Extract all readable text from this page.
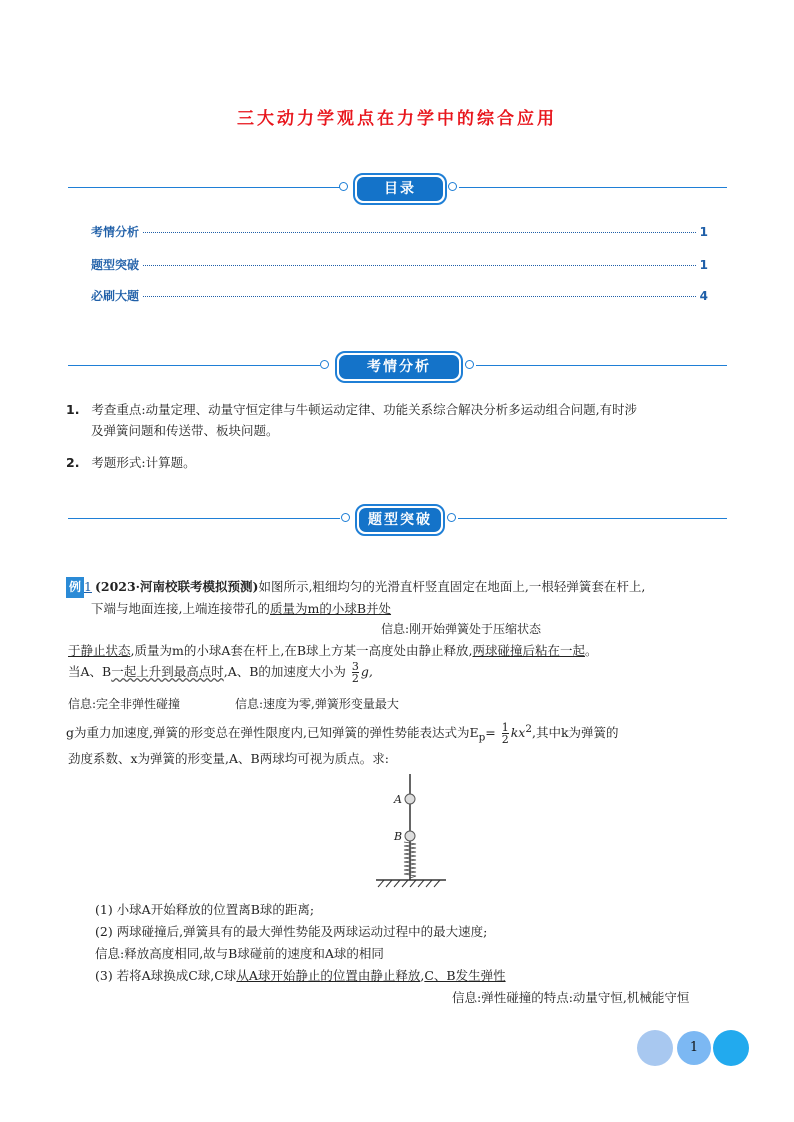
三大动力学观点在力学中的综合应用
目录
考情分析	1
题型突破	1
必刷大题	4
考情分析
1. 考查重点:动量定理、动量守恒定律与牛顿运动定律、功能关系综合解决分析多运动组合问题,有时涉
及弹簧问题和传送带、板块问题。
2. 考题形式:计算题。
题型突破
例 1 (2023·河南校联考模拟预测)如图所示,粗细均匀的光滑直杆竖直固定在地面上,一根轻弹簧套在杆上,
下端与地面连接,上端连接带孔的质量为m的小球B并处
信息:刚开始弹簧处于压缩状态
于静止状态,质量为m的小球A套在杆上,在B球上方某一高度处由静止释放,两球碰撞后粘在一起。
当A、B一起上升到最高点时,A、B的加速度大小为 $\frac{3}{2} g$,
信息:完全非弹性碰撞	信息:速度为零,弹簧形变量最大
g为重力加速度,弹簧的形变总在弹性限度内,已知弹簧的弹性势能表达式为$E_p= \frac{1}{2} kx^2$,其中k为弹簧的
劲度系数、x为弹簧的形变量,A、B两球均可视为质点。求:
A
B
(1) 小球A开始释放的位置离B球的距离;
(2) 两球碰撞后,弹簧具有的最大弹性势能及两球运动过程中的最大速度;
信息:释放高度相同,故与B球碰前的速度和A球的相同
(3) 若将A球换成C球,C球从A球开始静止的位置由静止释放,C、B发生弹性
信息:弹性碰撞的特点:动量守恒,机械能守恒
1
